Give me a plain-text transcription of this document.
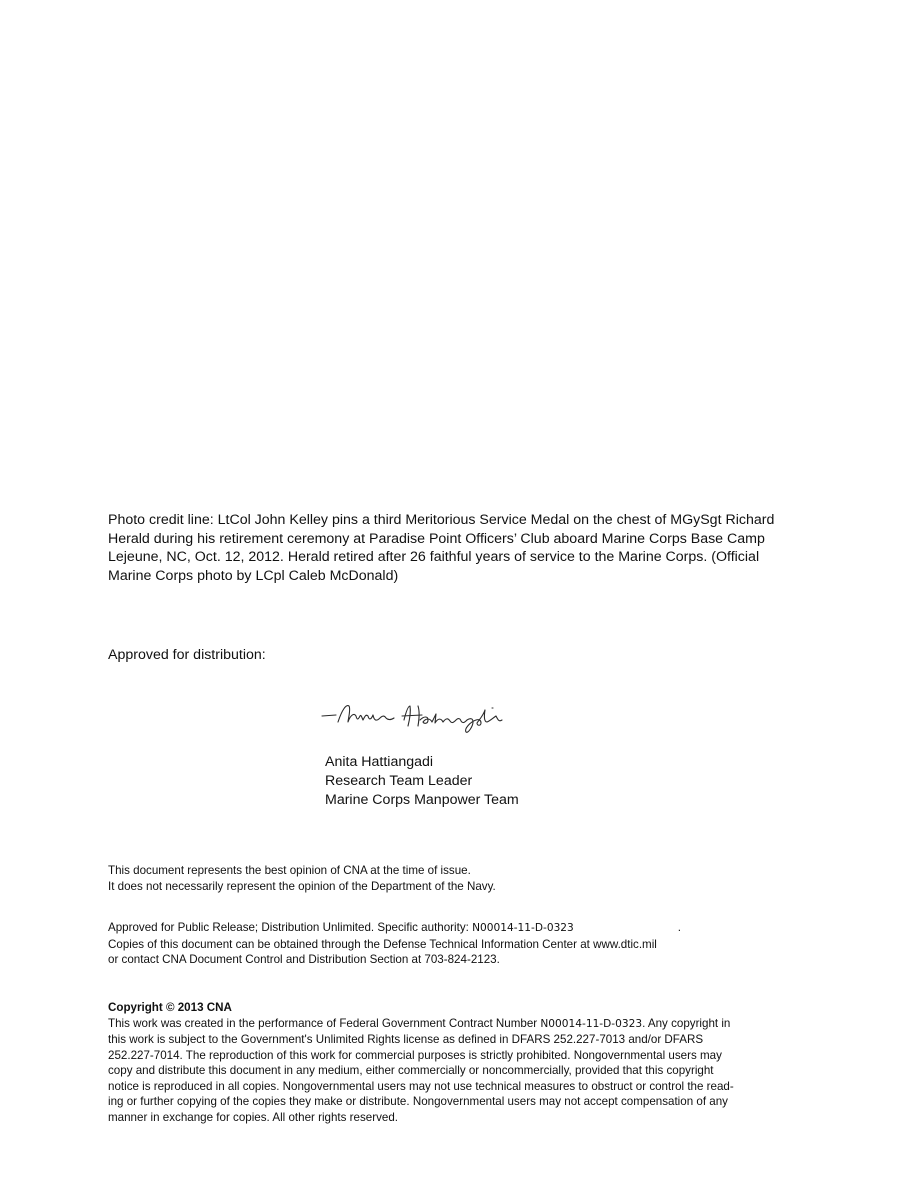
Photo credit line: LtCol John Kelley pins a third Meritorious Service Medal on the chest of MGySgt Richard
Herald during his retirement ceremony at Paradise Point Officers’ Club aboard Marine Corps Base Camp
Lejeune, NC, Oct. 12, 2012. Herald retired after 26 faithful years of service to the Marine Corps. (Official
Marine Corps photo by LCpl Caleb McDonald)
Approved for distribution:
Anita Hattiangadi
Research Team Leader
Marine Corps Manpower Team
This document represents the best opinion of CNA at the time of issue.
It does not necessarily represent the opinion of the Department of the Navy.
Approved for Public Release; Distribution Unlimited. Specific authority: N00014-11-D-0323	.
Copies of this document can be obtained through the Defense Technical Information Center at www.dtic.mil
or contact CNA Document Control and Distribution Section at 703-824-2123.
Copyright © 2013 CNA
This work was created in the performance of Federal Government Contract Number N00014-11-D-0323. Any copyright in
this work is subject to the Government's Unlimited Rights license as defined in DFARS 252.227-7013 and/or DFARS
252.227-7014. The reproduction of this work for commercial purposes is strictly prohibited. Nongovernmental users may
copy and distribute this document in any medium, either commercially or noncommercially, provided that this copyright
notice is reproduced in all copies. Nongovernmental users may not use technical measures to obstruct or control the read-
ing or further copying of the copies they make or distribute. Nongovernmental users may not accept compensation of any
manner in exchange for copies. All other rights reserved.
